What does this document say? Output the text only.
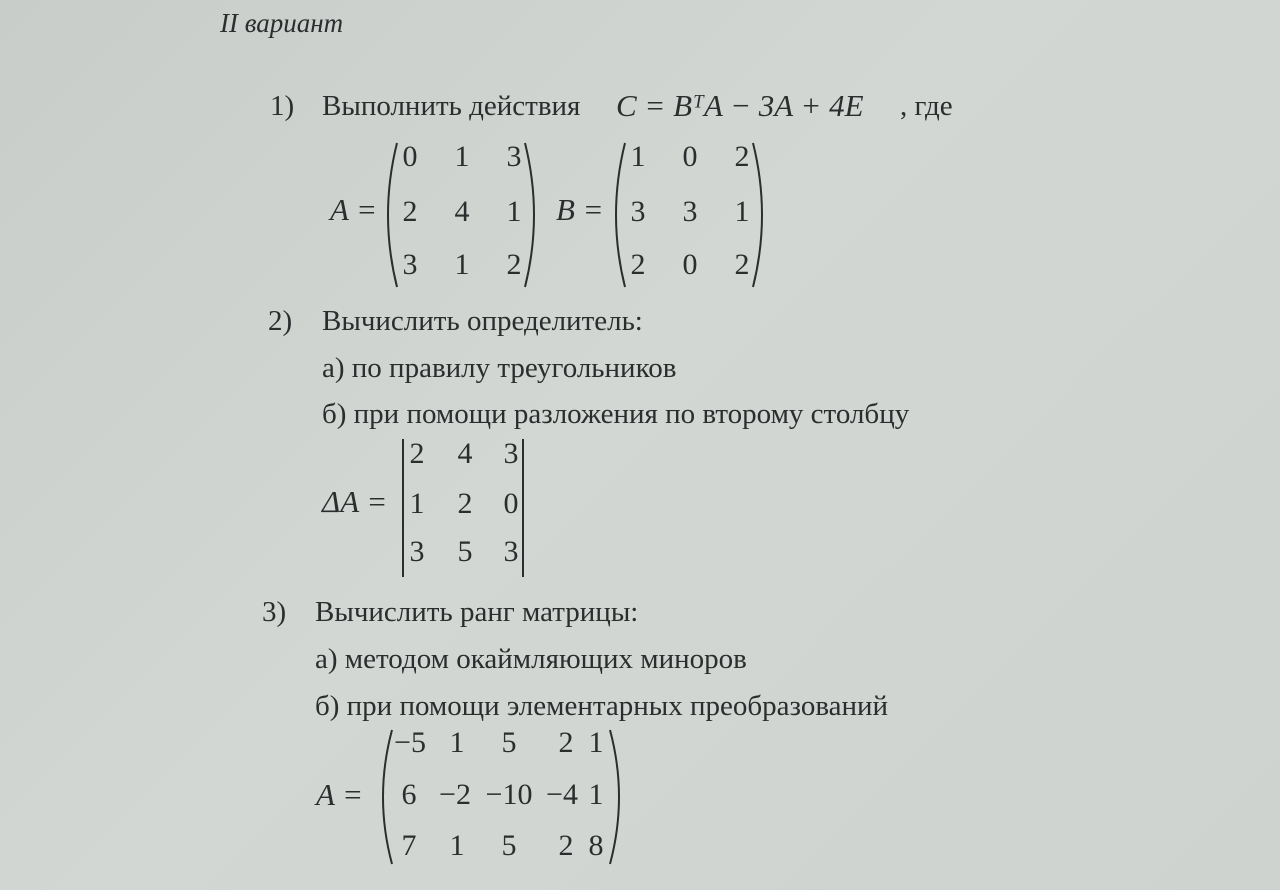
II вариант
1) Выполнить действия C = BᵀA − 3A + 4E , где
A =
0 1 3
2 4 1
3 1 2
B =
1 0 2
3 3 1
2 0 2
2) Вычислить определитель:
а) по правилу треугольников
б) при помощи разложения по второму столбцу
ΔA =
2 4 3
1 2 0
3 5 3
3) Вычислить ранг матрицы:
а) методом окаймляющих миноров
б) при помощи элементарных преобразований
A =
−5 1 5 2 1
6 −2 −10 −4 1
7 1 5 2 8
